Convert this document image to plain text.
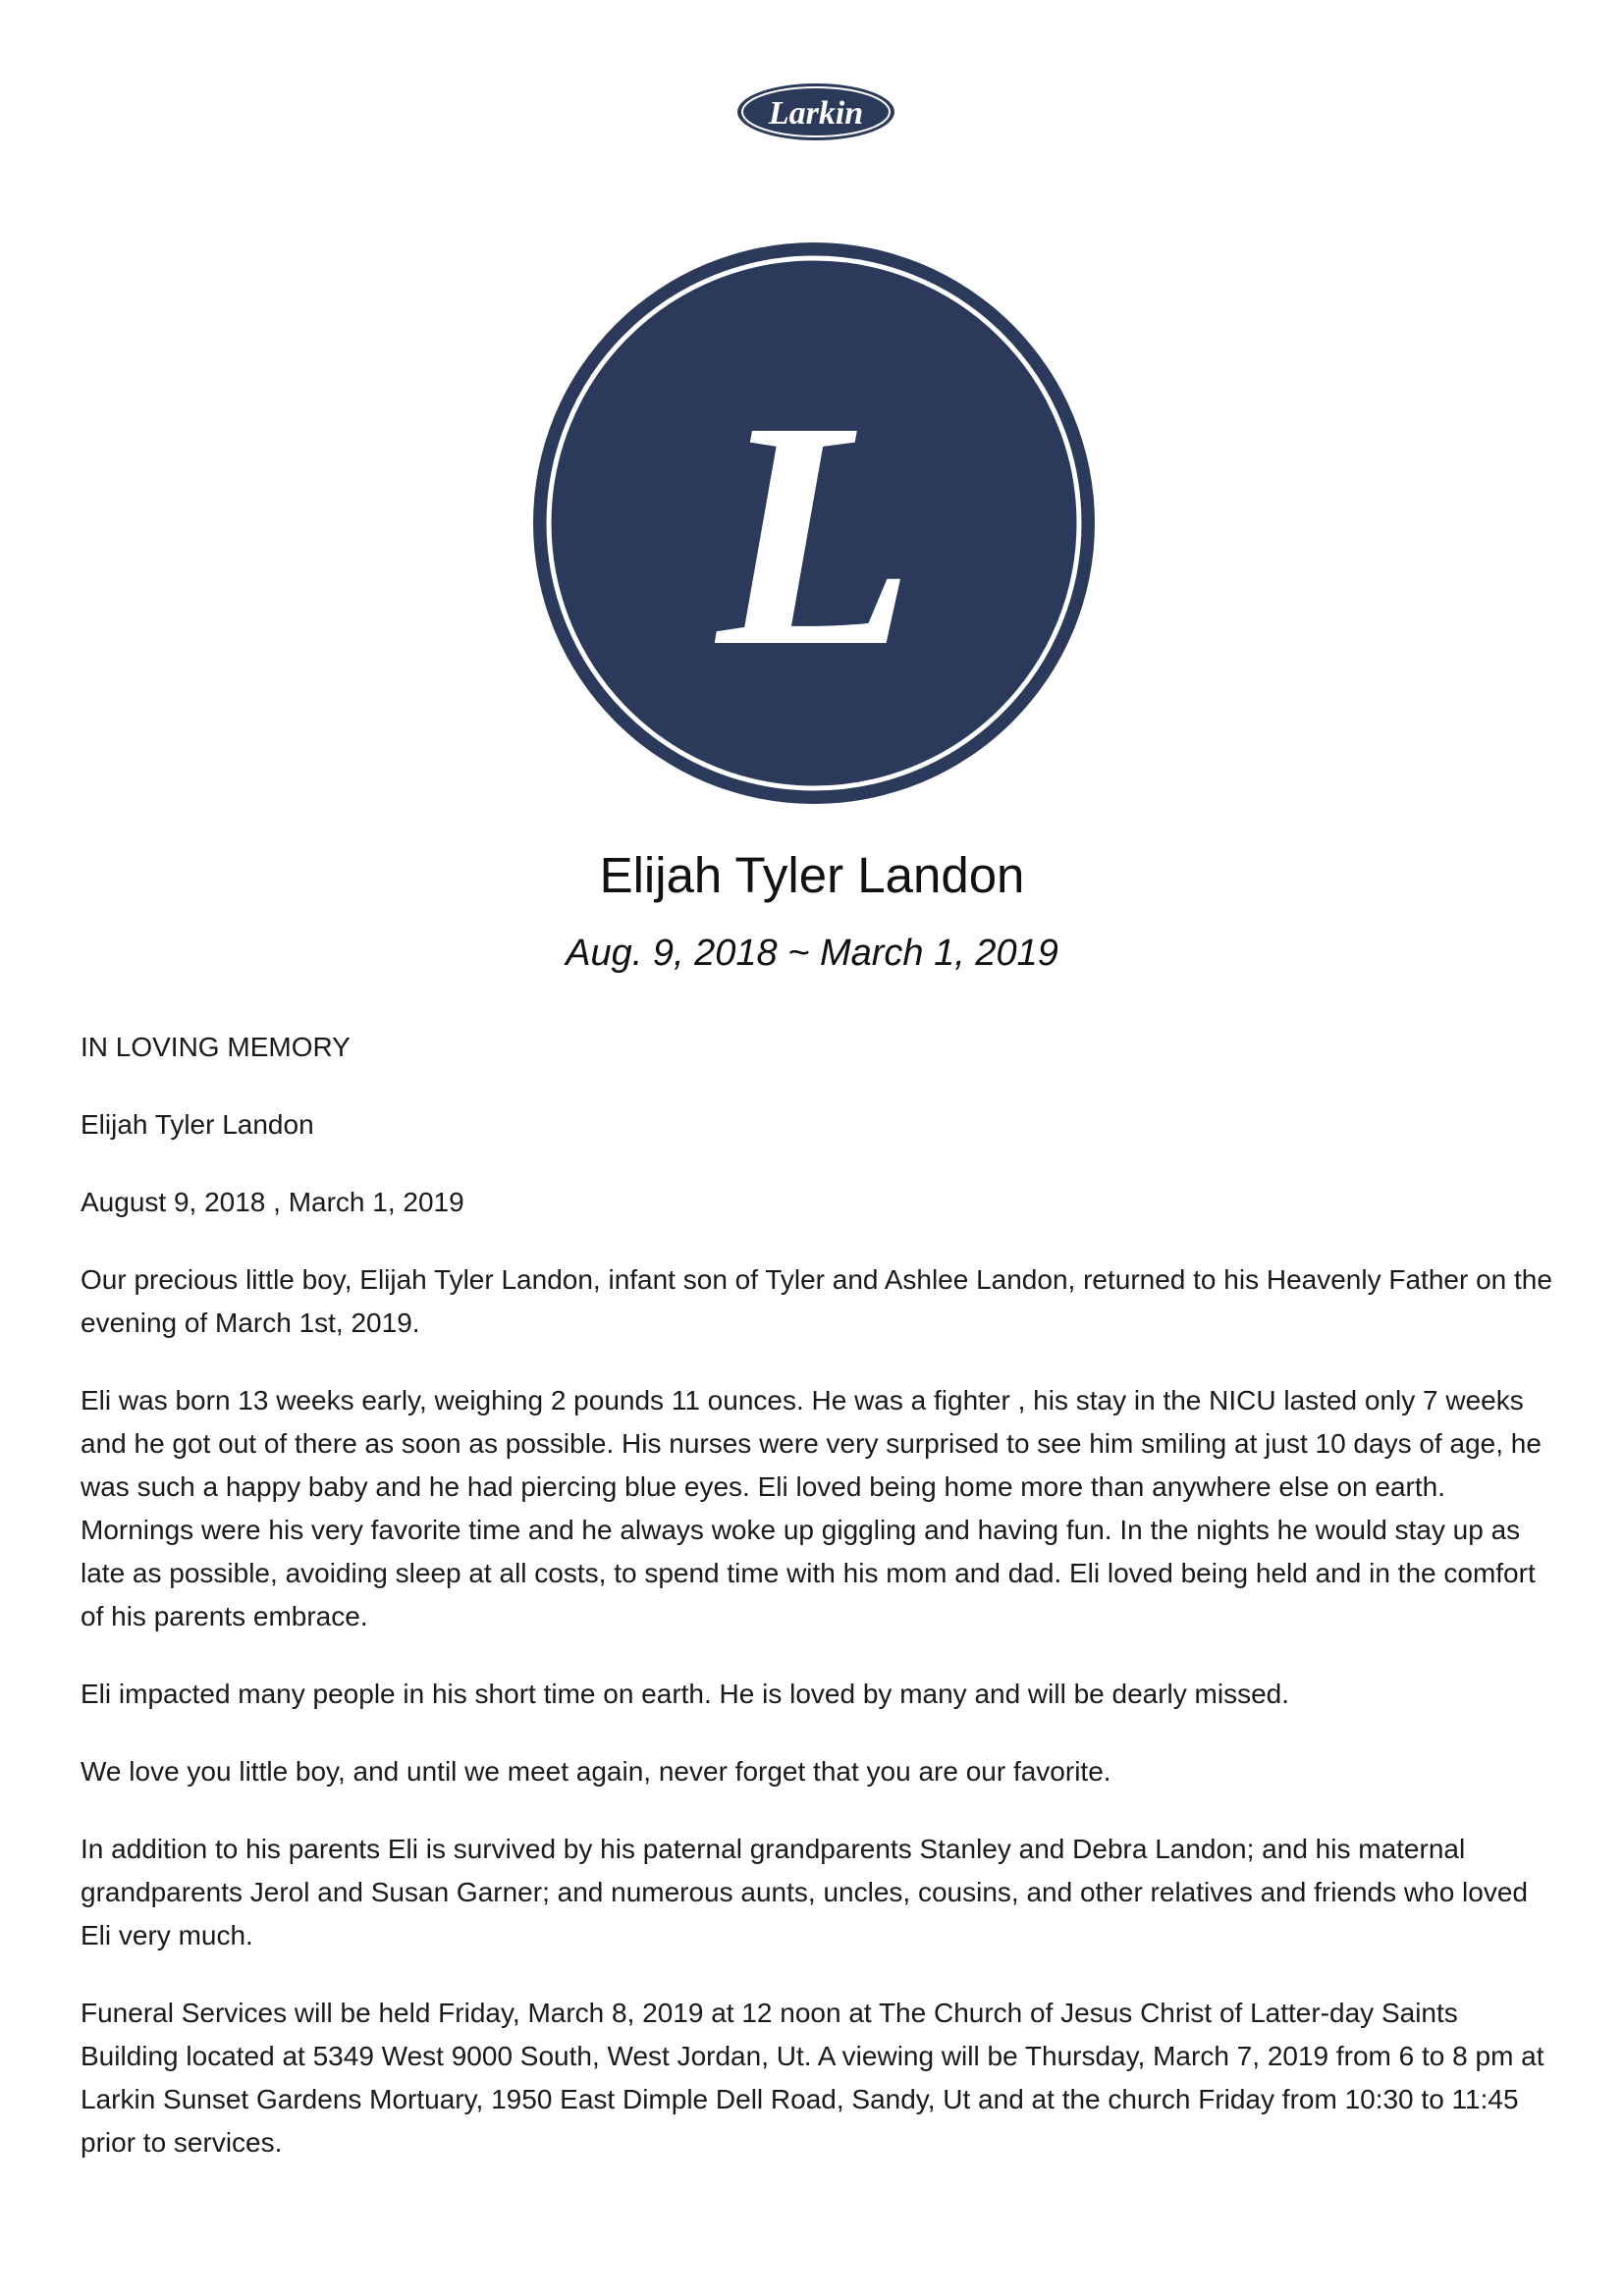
Larkin
L
Elijah Tyler Landon
Aug. 9, 2018 ~ March 1, 2019

IN LOVING MEMORY

Elijah Tyler Landon

August 9, 2018 , March 1, 2019

Our precious little boy, Elijah Tyler Landon, infant son of Tyler and Ashlee Landon, returned to his Heavenly Father on the evening of March 1st, 2019.

Eli was born 13 weeks early, weighing 2 pounds 11 ounces. He was a fighter , his stay in the NICU lasted only 7 weeks and he got out of there as soon as possible. His nurses were very surprised to see him smiling at just 10 days of age, he was such a happy baby and he had piercing blue eyes. Eli loved being home more than anywhere else on earth. Mornings were his very favorite time and he always woke up giggling and having fun. In the nights he would stay up as late as possible, avoiding sleep at all costs, to spend time with his mom and dad. Eli loved being held and in the comfort of his parents embrace.

Eli impacted many people in his short time on earth. He is loved by many and will be dearly missed.

We love you little boy, and until we meet again, never forget that you are our favorite.

In addition to his parents Eli is survived by his paternal grandparents Stanley and Debra Landon; and his maternal grandparents Jerol and Susan Garner; and numerous aunts, uncles, cousins, and other relatives and friends who loved Eli very much.

Funeral Services will be held Friday, March 8, 2019 at 12 noon at The Church of Jesus Christ of Latter-day Saints Building located at 5349 West 9000 South, West Jordan, Ut. A viewing will be Thursday, March 7, 2019 from 6 to 8 pm at Larkin Sunset Gardens Mortuary, 1950 East Dimple Dell Road, Sandy, Ut and at the church Friday from 10:30 to 11:45 prior to services.
